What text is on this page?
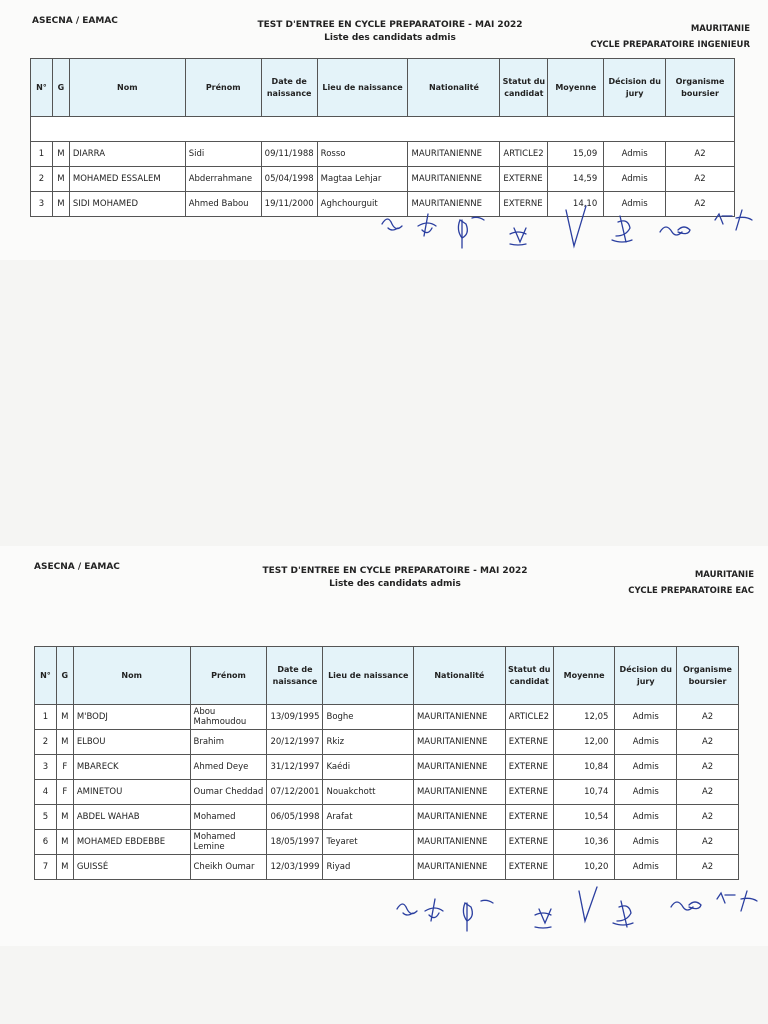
ASECNA / EAMAC	TEST D'ENTREE EN CYCLE PREPARATOIRE - MAI 2022
Liste des candidats admis
MAURITANIE
CYCLE PREPARATOIRE INGENIEUR
N°	G	Nom	Prénom	Date de naissance	Lieu de naissance	Nationalité	Statut du candidat	Moyenne	Décision du jury	Organisme boursier

1	M	DIARRA	Sidi	09/11/1988	Rosso	MAURITANIENNE	ARTICLE2	15,09	Admis	A2
2	M	MOHAMED ESSALEM	Abderrahmane	05/04/1998	Magtaa Lehjar	MAURITANIENNE	EXTERNE	14,59	Admis	A2
3	M	SIDI MOHAMED	Ahmed Babou	19/11/2000	Aghchourguit	MAURITANIENNE	EXTERNE	14,10	Admis	A2
ASECNA / EAMAC	TEST D'ENTREE EN CYCLE PREPARATOIRE - MAI 2022
Liste des candidats admis
MAURITANIE
CYCLE PREPARATOIRE EAC
N°	G	Nom	Prénom	Date de naissance	Lieu de naissance	Nationalité	Statut du candidat	Moyenne	Décision du jury	Organisme boursier
1	M	M'BODJ	Abou Mahmoudou	13/09/1995	Boghe	MAURITANIENNE	ARTICLE2	12,05	Admis	A2
2	M	ELBOU	Brahim	20/12/1997	Rkiz	MAURITANIENNE	EXTERNE	12,00	Admis	A2
3	F	MBARECK	Ahmed Deye	31/12/1997	Kaédi	MAURITANIENNE	EXTERNE	10,84	Admis	A2
4	F	AMINETOU	Oumar Cheddad	07/12/2001	Nouakchott	MAURITANIENNE	EXTERNE	10,74	Admis	A2
5	M	ABDEL WAHAB	Mohamed	06/05/1998	Arafat	MAURITANIENNE	EXTERNE	10,54	Admis	A2
6	M	MOHAMED EBDEBBE	Mohamed Lemine	18/05/1997	Teyaret	MAURITANIENNE	EXTERNE	10,36	Admis	A2
7	M	GUISSÉ	Cheikh Oumar	12/03/1999	Riyad	MAURITANIENNE	EXTERNE	10,20	Admis	A2
